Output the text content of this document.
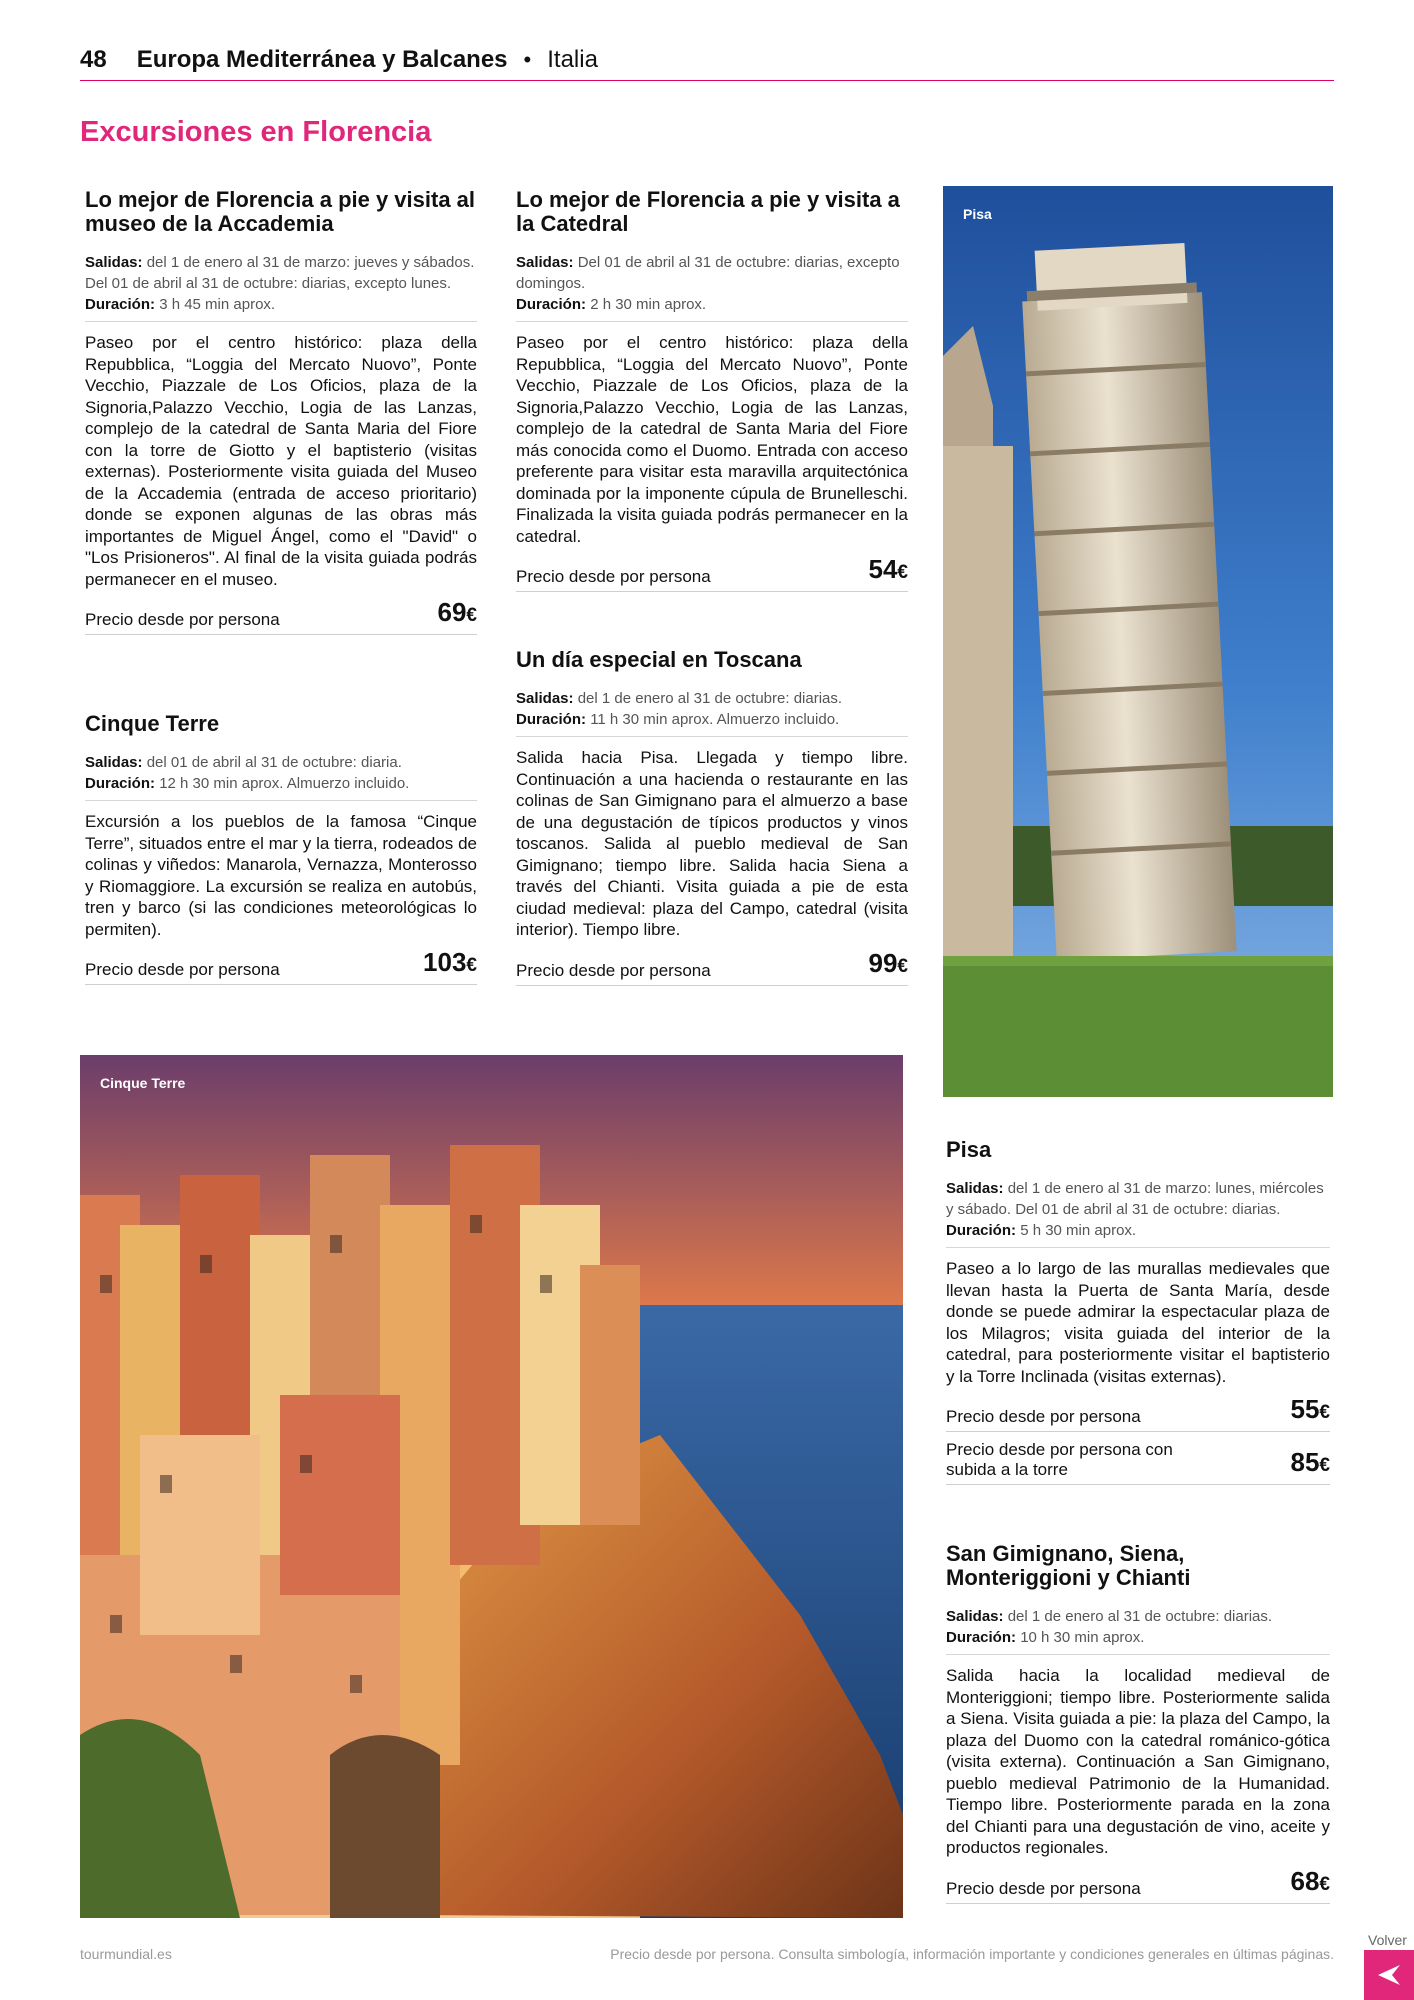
48 Europa Mediterránea y Balcanes • Italia
Excursiones en Florencia
Lo mejor de Florencia a pie y visita al museo de la Accademia

Salidas: del 1 de enero al 31 de marzo: jueves y sábados. Del 01 de abril al 31 de octubre: diarias, excepto lunes.

Duración: 3 h 45 min aprox.

Paseo por el centro histórico: plaza della Repubblica, “Loggia del Mercato Nuovo”, Ponte Vecchio, Piazzale de Los Oficios, plaza de la Signoria,Palazzo Vecchio, Logia de las Lanzas, complejo de la catedral de Santa Maria del Fiore con la torre de Giotto y el baptisterio (visitas externas). Posteriormente visita guiada del Museo de la Accademia (entrada de acceso prioritario) donde se exponen algunas de las obras más importantes de Miguel Ángel, como el "David" o "Los Prisioneros". Al final de la visita guiada podrás permanecer en el museo.

Precio desde por persona	69€
Cinque Terre

Salidas: del 01 de abril al 31 de octubre: diaria.

Duración: 12 h 30 min aprox. Almuerzo incluido.

Excursión a los pueblos de la famosa “Cinque Terre”, situados entre el mar y la tierra, rodeados de colinas y viñedos: Manarola, Vernazza, Monterosso y Riomaggiore. La excursión se realiza en autobús, tren y barco (si las condiciones meteorológicas lo permiten).

Precio desde por persona	103€
Lo mejor de Florencia a pie y visita a la Catedral

Salidas: Del 01 de abril al 31 de octubre: diarias, excepto domingos.

Duración: 2 h 30 min aprox.

Paseo por el centro histórico: plaza della Repubblica, “Loggia del Mercato Nuovo”, Ponte Vecchio, Piazzale de Los Oficios, plaza de la Signoria,Palazzo Vecchio, Logia de las Lanzas, complejo de la catedral de Santa Maria del Fiore más conocida como el Duomo. Entrada con acceso preferente para visitar esta maravilla arquitectónica dominada por la imponente cúpula de Brunelleschi. Finalizada la visita guiada podrás permanecer en la catedral.

Precio desde por persona	54€
Un día especial en Toscana

Salidas: del 1 de enero al 31 de octubre: diarias.

Duración: 11 h 30 min aprox. Almuerzo incluido.

Salida hacia Pisa. Llegada y tiempo libre. Continuación a una hacienda o restaurante en las colinas de San Gimignano para el almuerzo a base de una degustación de típicos productos y vinos toscanos. Salida al pueblo medieval de San Gimignano; tiempo libre. Salida hacia Siena a través del Chianti. Visita guiada a pie de esta ciudad medieval: plaza del Campo, catedral (visita interior). Tiempo libre.

Precio desde por persona	99€
Pisa
Cinque Terre
Pisa

Salidas: del 1 de enero al 31 de marzo: lunes, miércoles y sábado. Del 01 de abril al 31 de octubre: diarias.

Duración: 5 h 30 min aprox.

Paseo a lo largo de las murallas medievales que llevan hasta la Puerta de Santa María, desde donde se puede admirar la espectacular plaza de los Milagros; visita guiada del interior de la catedral, para posteriormente visitar el baptisterio y la Torre Inclinada (visitas externas).

Precio desde por persona	55€
Precio desde por persona con subida a la torre	85€
San Gimignano, Siena, Monteriggioni y Chianti

Salidas: del 1 de enero al 31 de octubre: diarias.

Duración: 10 h 30 min aprox.

Salida hacia la localidad medieval de Monteriggioni; tiempo libre. Posteriormente salida a Siena. Visita guiada a pie: la plaza del Campo, la plaza del Duomo con la catedral románico-gótica (visita externa). Continuación a San Gimignano, pueblo medieval Patrimonio de la Humanidad. Tiempo libre. Posteriormente parada en la zona del Chianti para una degustación de vino, aceite y productos regionales.

Precio desde por persona	68€
tourmundial.es	Precio desde por persona. Consulta simbología, información importante y condiciones generales en últimas páginas.
Volver
